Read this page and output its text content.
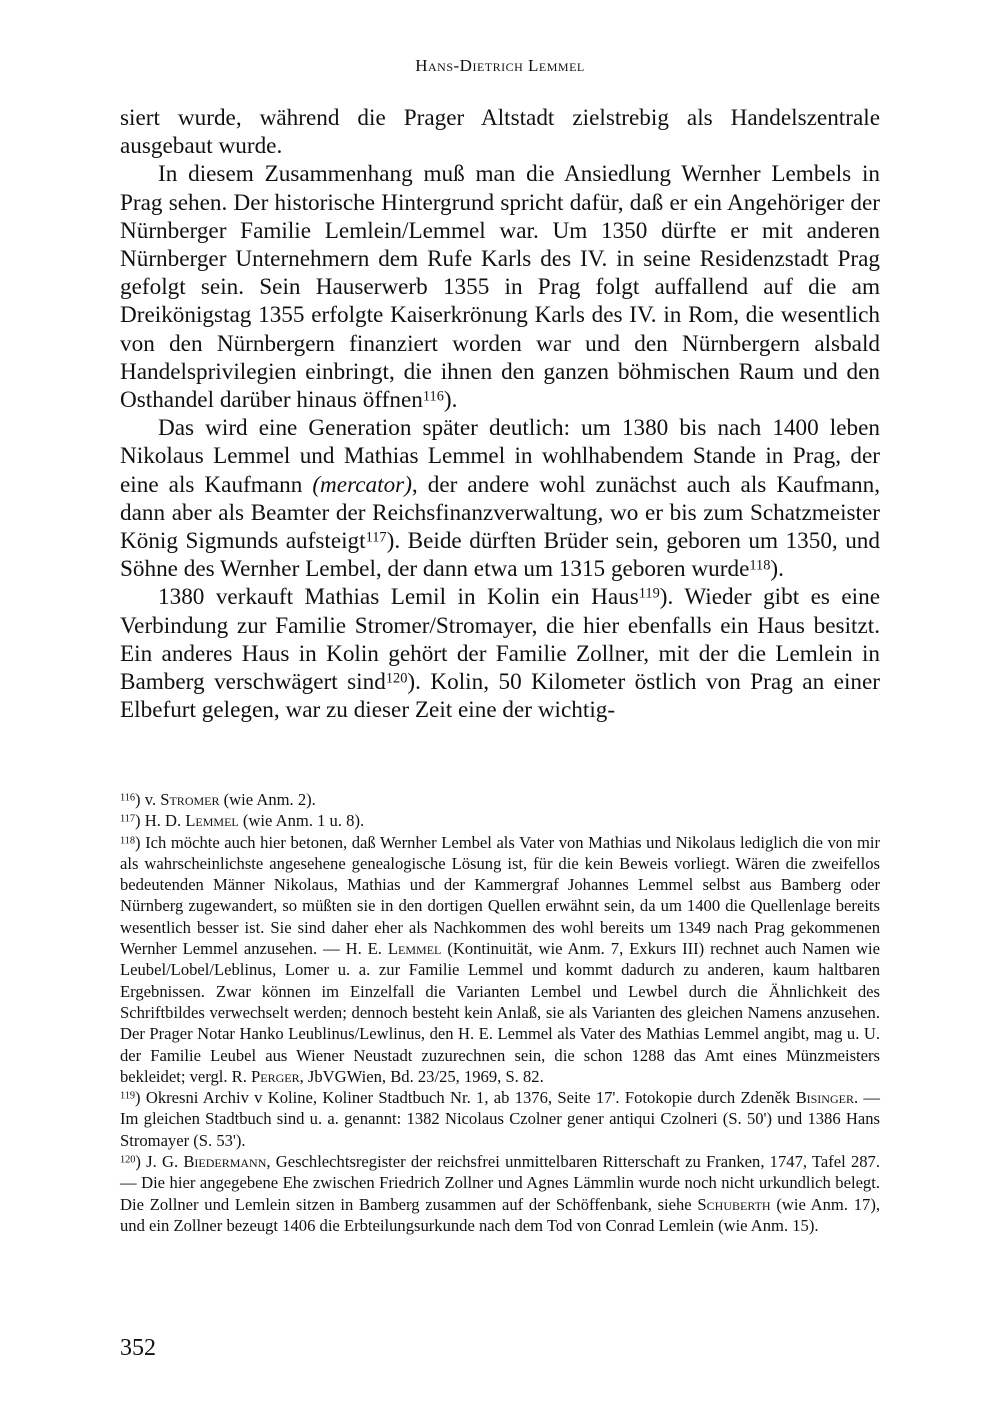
Hans-Dietrich Lemmel

siert wurde, während die Prager Altstadt zielstrebig als Handelszentrale ausgebaut wurde.

In diesem Zusammenhang muß man die Ansiedlung Wernher Lembels in Prag sehen. Der historische Hintergrund spricht dafür, daß er ein Angehöriger der Nürnberger Familie Lemlein/Lemmel war. Um 1350 dürfte er mit anderen Nürnberger Unternehmern dem Rufe Karls des IV. in seine Residenzstadt Prag gefolgt sein. Sein Hauserwerb 1355 in Prag folgt auffallend auf die am Dreikönigstag 1355 erfolgte Kaiserkrönung Karls des IV. in Rom, die wesentlich von den Nürnbergern finanziert worden war und den Nürnbergern alsbald Handelsprivilegien einbringt, die ihnen den ganzen böhmischen Raum und den Osthandel darüber hinaus öffnen$^{116}$).

Das wird eine Generation später deutlich: um 1380 bis nach 1400 leben Nikolaus Lemmel und Mathias Lemmel in wohlhabendem Stande in Prag, der eine als Kaufmann (mercator), der andere wohl zunächst auch als Kaufmann, dann aber als Beamter der Reichsfinanzverwaltung, wo er bis zum Schatzmeister König Sigmunds aufsteigt$^{117}$). Beide dürften Brüder sein, geboren um 1350, und Söhne des Wernher Lembel, der dann etwa um 1315 geboren wurde$^{118}$).

1380 verkauft Mathias Lemil in Kolin ein Haus$^{119}$). Wieder gibt es eine Verbindung zur Familie Stromer/Stromayer, die hier ebenfalls ein Haus besitzt. Ein anderes Haus in Kolin gehört der Familie Zollner, mit der die Lemlein in Bamberg verschwägert sind$^{120}$). Kolin, 50 Kilometer östlich von Prag an einer Elbefurt gelegen, war zu dieser Zeit eine der wichtig-

$^{116}$) v. Stromer (wie Anm. 2).

$^{117}$) H. D. Lemmel (wie Anm. 1 u. 8).

$^{118}$) Ich möchte auch hier betonen, daß Wernher Lembel als Vater von Mathias und Nikolaus lediglich die von mir als wahrscheinlichste angesehene genealogische Lösung ist, für die kein Beweis vorliegt. Wären die zweifellos bedeutenden Männer Nikolaus, Mathias und der Kammergraf Johannes Lemmel selbst aus Bamberg oder Nürnberg zugewandert, so müßten sie in den dortigen Quellen erwähnt sein, da um 1400 die Quellenlage bereits wesentlich besser ist. Sie sind daher eher als Nachkommen des wohl bereits um 1349 nach Prag gekommenen Wernher Lemmel anzusehen. — H. E. Lemmel (Kontinuität, wie Anm. 7, Exkurs III) rechnet auch Namen wie Leubel/Lobel/Leblinus, Lomer u. a. zur Familie Lemmel und kommt dadurch zu anderen, kaum haltbaren Ergebnissen. Zwar können im Einzelfall die Varianten Lembel und Lewbel durch die Ähnlichkeit des Schriftbildes verwechselt werden; dennoch besteht kein Anlaß, sie als Varianten des gleichen Namens anzusehen. Der Prager Notar Hanko Leublinus/Lewlinus, den H. E. Lemmel als Vater des Mathias Lemmel angibt, mag u. U. der Familie Leubel aus Wiener Neustadt zuzurechnen sein, die schon 1288 das Amt eines Münzmeisters bekleidet; vergl. R. Perger, JbVGWien, Bd. 23/25, 1969, S. 82.

$^{119}$) Okresni Archiv v Koline, Koliner Stadtbuch Nr. 1, ab 1376, Seite 17'. Fotokopie durch Zdeněk Bisinger. — Im gleichen Stadtbuch sind u. a. genannt: 1382 Nicolaus Czolner gener antiqui Czolneri (S. 50') und 1386 Hans Stromayer (S. 53').

$^{120}$) J. G. Biedermann, Geschlechtsregister der reichsfrei unmittelbaren Ritterschaft zu Franken, 1747, Tafel 287. — Die hier angegebene Ehe zwischen Friedrich Zollner und Agnes Lämmlin wurde noch nicht urkundlich belegt. Die Zollner und Lemlein sitzen in Bamberg zusammen auf der Schöffenbank, siehe Schuberth (wie Anm. 17), und ein Zollner bezeugt 1406 die Erbteilungsurkunde nach dem Tod von Conrad Lemlein (wie Anm. 15).

352
